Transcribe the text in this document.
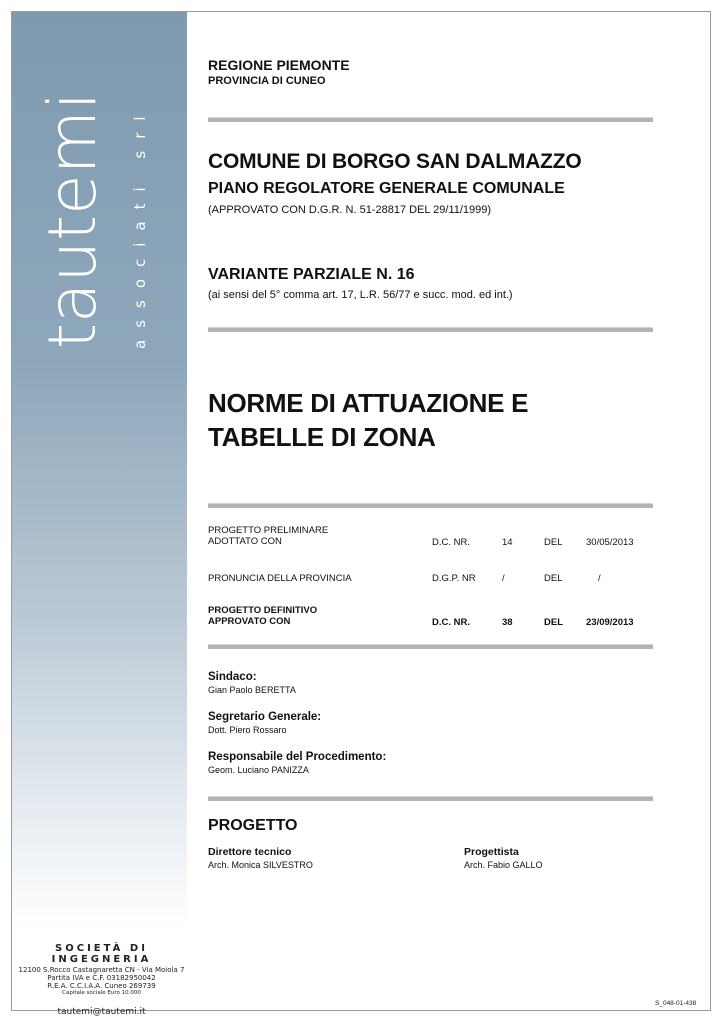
tautemi associati srl
REGIONE PIEMONTE
PROVINCIA DI CUNEO
COMUNE DI BORGO SAN DALMAZZO
PIANO REGOLATORE GENERALE COMUNALE
(APPROVATO CON D.G.R. N. 51-28817 DEL 29/11/1999)
VARIANTE PARZIALE N. 16
(ai sensi del 5° comma art. 17, L.R. 56/77 e succ. mod. ed int.)
NORME DI ATTUAZIONE E
TABELLE DI ZONA
PROGETTO PRELIMINARE
ADOTTATO CON	D.C. NR.	14	DEL 30/05/2013
PRONUNCIA DELLA PROVINCIA	D.G.P. NR	/	DEL	/
PROGETTO DEFINITIVO
APPROVATO CON	D.C. NR.	38	DEL 23/09/2013
Sindaco:
Gian Paolo BERETTA
Segretario Generale:
Dott. Piero Rossaro
Responsabile del Procedimento:
Geom. Luciano PANIZZA
PROGETTO
Direttore tecnico
Arch. Monica SILVESTRO
Progettista
Arch. Fabio GALLO
SOCIETÀ DI INGEGNERIA
12100 S.Rocco Castagnaretta CN - Via Moiola 7
Partita IVA e C.F. 03182950042
R.E.A. C.C.I.A.A. Cuneo 269739
Capitale sociale Euro 10.000
tautemi@tautemi.it
S_048-01-438
